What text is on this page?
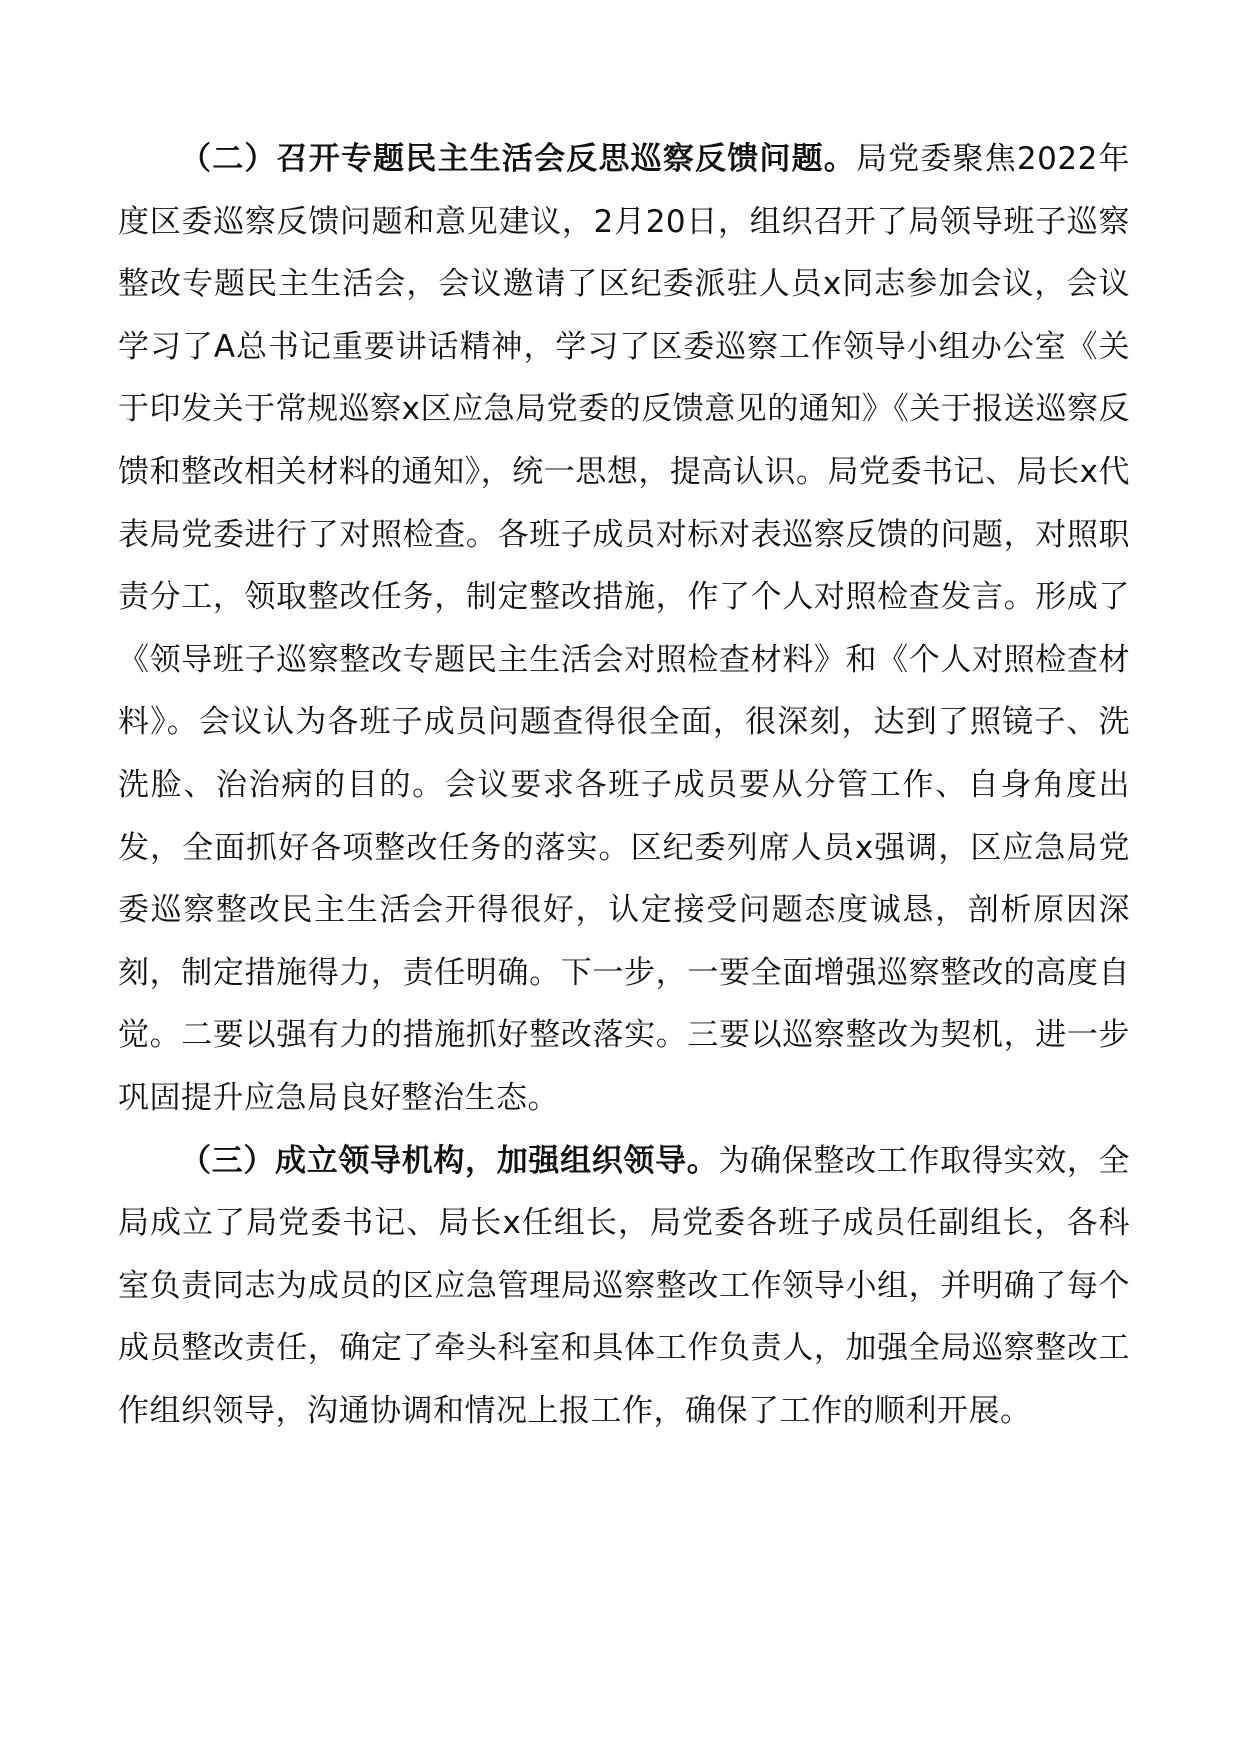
（二）召开专题民主生活会反思巡察反馈问题。局党委聚焦2022年度区委巡察反馈问题和意见建议，2月20日，组织召开了局领导班子巡察整改专题民主生活会，会议邀请了区纪委派驻人员x同志参加会议，会议学习了A总书记重要讲话精神，学习了区委巡察工作领导小组办公室《关于印发关于常规巡察x区应急局党委的反馈意见的通知》《关于报送巡察反馈和整改相关材料的通知》，统一思想，提高认识。局党委书记、局长x代表局党委进行了对照检查。各班子成员对标对表巡察反馈的问题，对照职责分工，领取整改任务，制定整改措施，作了个人对照检查发言。形成了《领导班子巡察整改专题民主生活会对照检查材料》和《个人对照检查材料》。会议认为各班子成员问题查得很全面，很深刻，达到了照镜子、洗洗脸、治治病的目的。会议要求各班子成员要从分管工作、自身角度出发，全面抓好各项整改任务的落实。区纪委列席人员x强调，区应急局党委巡察整改民主生活会开得很好，认定接受问题态度诚恳，剖析原因深刻，制定措施得力，责任明确。下一步，一要全面增强巡察整改的高度自觉。二要以强有力的措施抓好整改落实。三要以巡察整改为契机，进一步巩固提升应急局良好整治生态。

（三）成立领导机构，加强组织领导。为确保整改工作取得实效，全局成立了局党委书记、局长x任组长，局党委各班子成员任副组长，各科室负责同志为成员的区应急管理局巡察整改工作领导小组，并明确了每个成员整改责任，确定了牵头科室和具体工作负责人，加强全局巡察整改工作组织领导，沟通协调和情况上报工作，确保了工作的顺利开展。
